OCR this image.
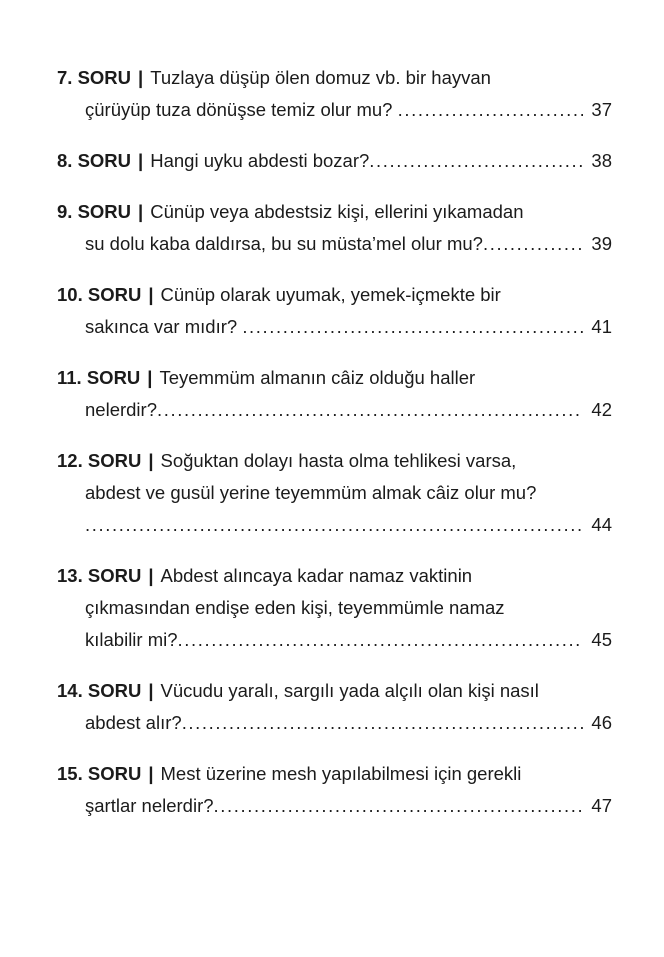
7. SORU | Tuzlaya düşüp ölen domuz vb. bir hayvan
çürüyüp tuza dönüşse temiz olur mu? .....	37
8. SORU | Hangi uyku abdesti bozar? .....	38
9. SORU | Cünüp veya abdestsiz kişi, ellerini yıkamadan
su dolu kaba daldırsa, bu su müsta’mel olur mu? .....	39
10. SORU | Cünüp olarak uyumak, yemek-içmekte bir
sakınca var mıdır? .....	41
11. SORU | Teyemmüm almanın câiz olduğu haller
nelerdir? .....	42
12. SORU | Soğuktan dolayı hasta olma tehlikesi varsa,
abdest ve gusül yerine teyemmüm almak câiz olur mu?
.....
44
13. SORU | Abdest alıncaya kadar namaz vaktinin
çıkmasından endişe eden kişi, teyemmümle namaz
kılabilir mi? .....	45
14. SORU | Vücudu yaralı, sargılı yada alçılı olan kişi nasıl
abdest alır? .....	46
15. SORU | Mest üzerine mesh yapılabilmesi için gerekli
şartlar nelerdir? .....	47
